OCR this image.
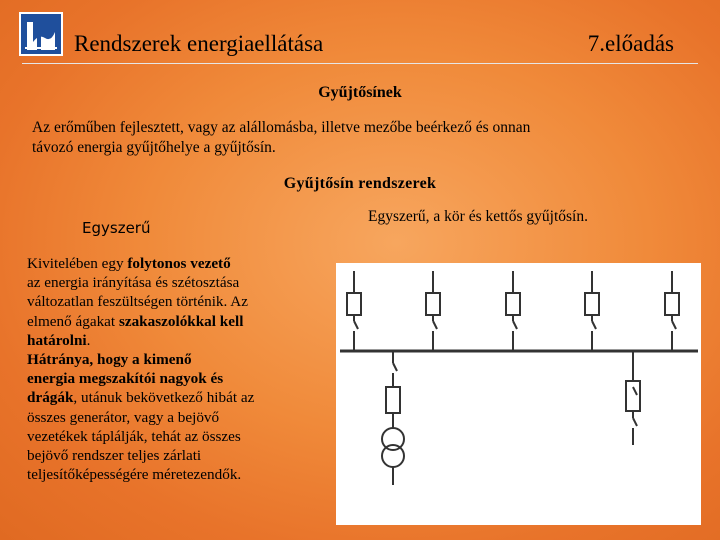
Rendszerek energiaellátása	7.előadás
Gyűjtősínek
Az erőműben fejlesztett, vagy az alállomásba, illetve mezőbe beérkező és onnan
távozó energia gyűjtőhelye a gyűjtősín.
Gyűjtősín rendszerek
Egyszerű
Egyszerű, a kör és kettős gyűjtősín.
Kivitelében egy folytonos vezető
az energia irányítása és szétosztása
változatlan feszültségen történik. Az
elmenő ágakat szakaszolókkal kell
határolni.
Hátránya, hogy a kimenő
energia megszakítói nagyok és
drágák, utánuk bekövetkező hibát az
összes generátor, vagy a bejövő
vezetékek táplálják, tehát az összes
bejövő rendszer teljes zárlati
teljesítőképességére méretezendők.
